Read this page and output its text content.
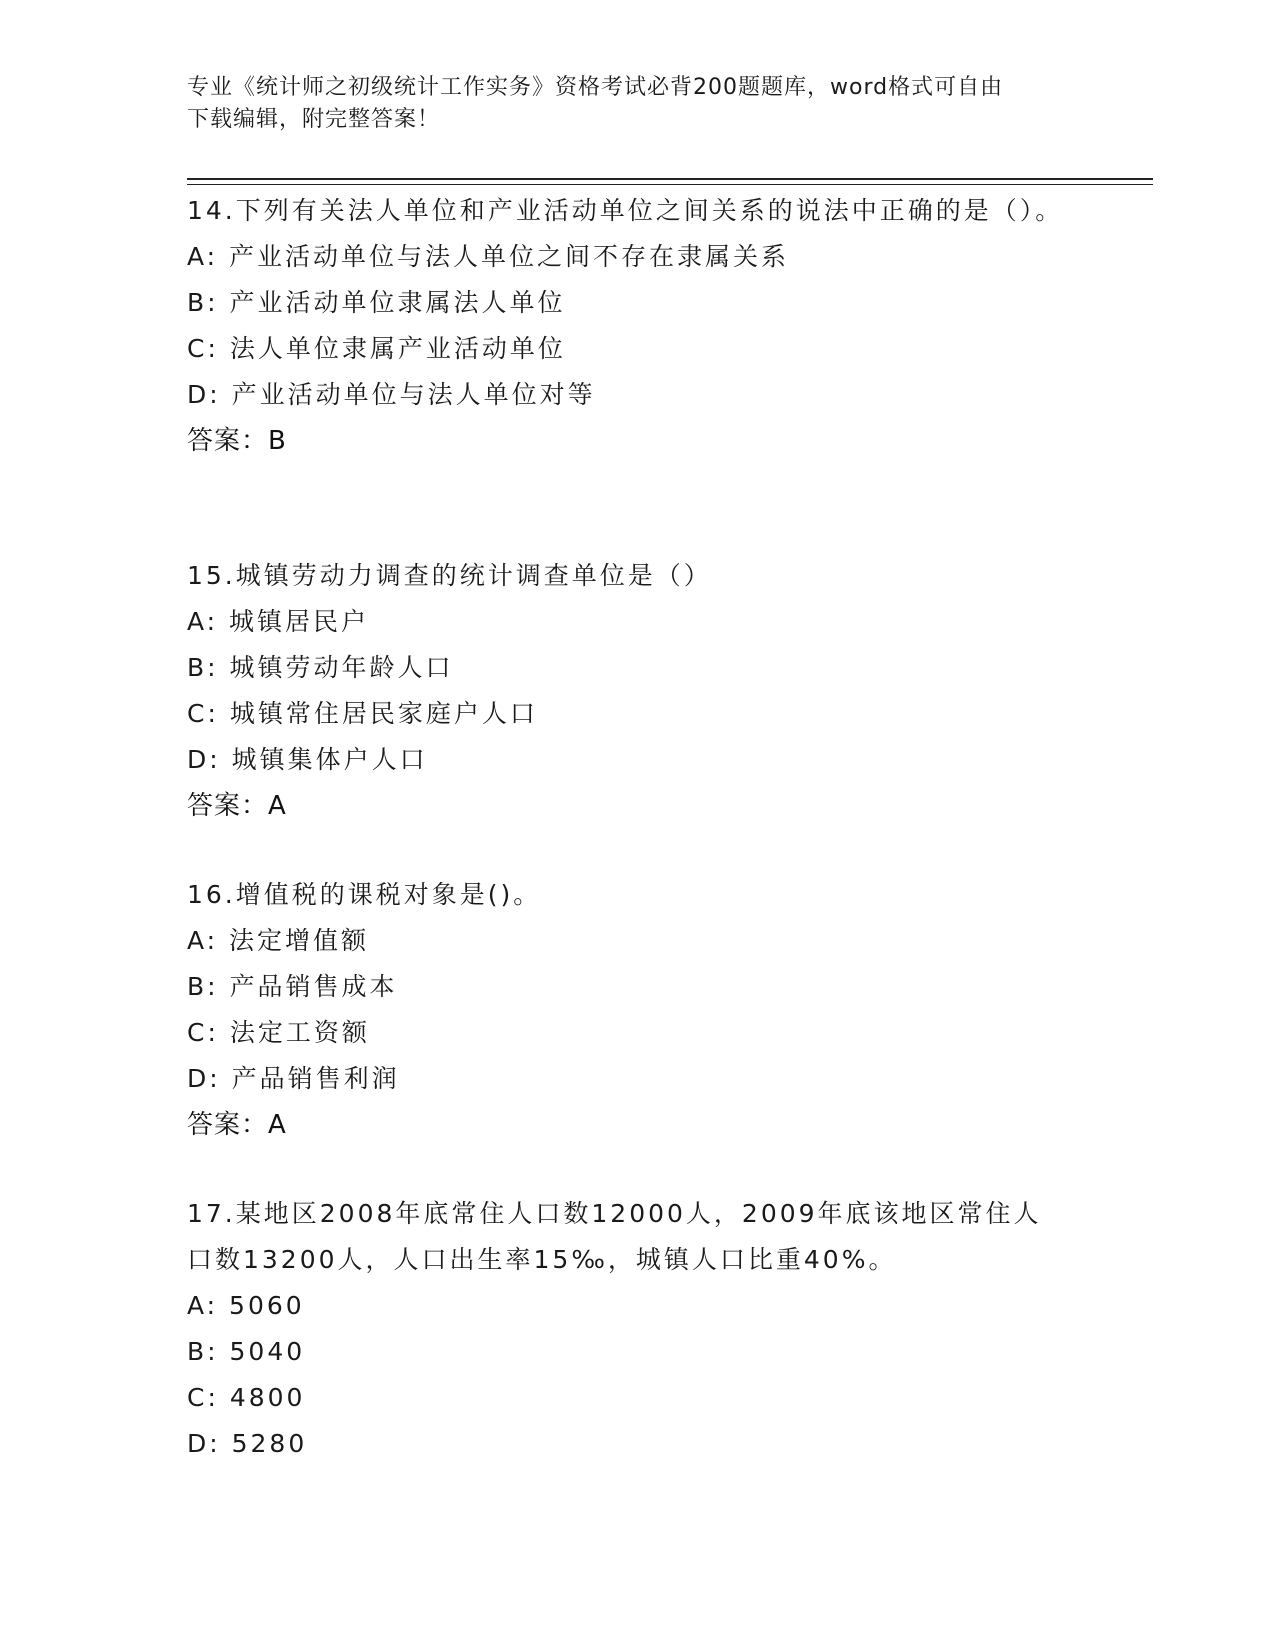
专业《统计师之初级统计工作实务》资格考试必背200题题库，word格式可自由
下载编辑，附完整答案！
14.下列有关法人单位和产业活动单位之间关系的说法中正确的是（）。
A: 产业活动单位与法人单位之间不存在隶属关系
B: 产业活动单位隶属法人单位
C: 法人单位隶属产业活动单位
D: 产业活动单位与法人单位对等
答案：B
15.城镇劳动力调查的统计调查单位是（）
A: 城镇居民户
B: 城镇劳动年龄人口
C: 城镇常住居民家庭户人口
D: 城镇集体户人口
答案：A
16.增值税的课税对象是()。
A: 法定增值额
B: 产品销售成本
C: 法定工资额
D: 产品销售利润
答案：A
17.某地区2008年底常住人口数12000人，2009年底该地区常住人口数13200人，人口出生率15‰，城镇人口比重40%。
A: 5060
B: 5040
C: 4800
D: 5280
